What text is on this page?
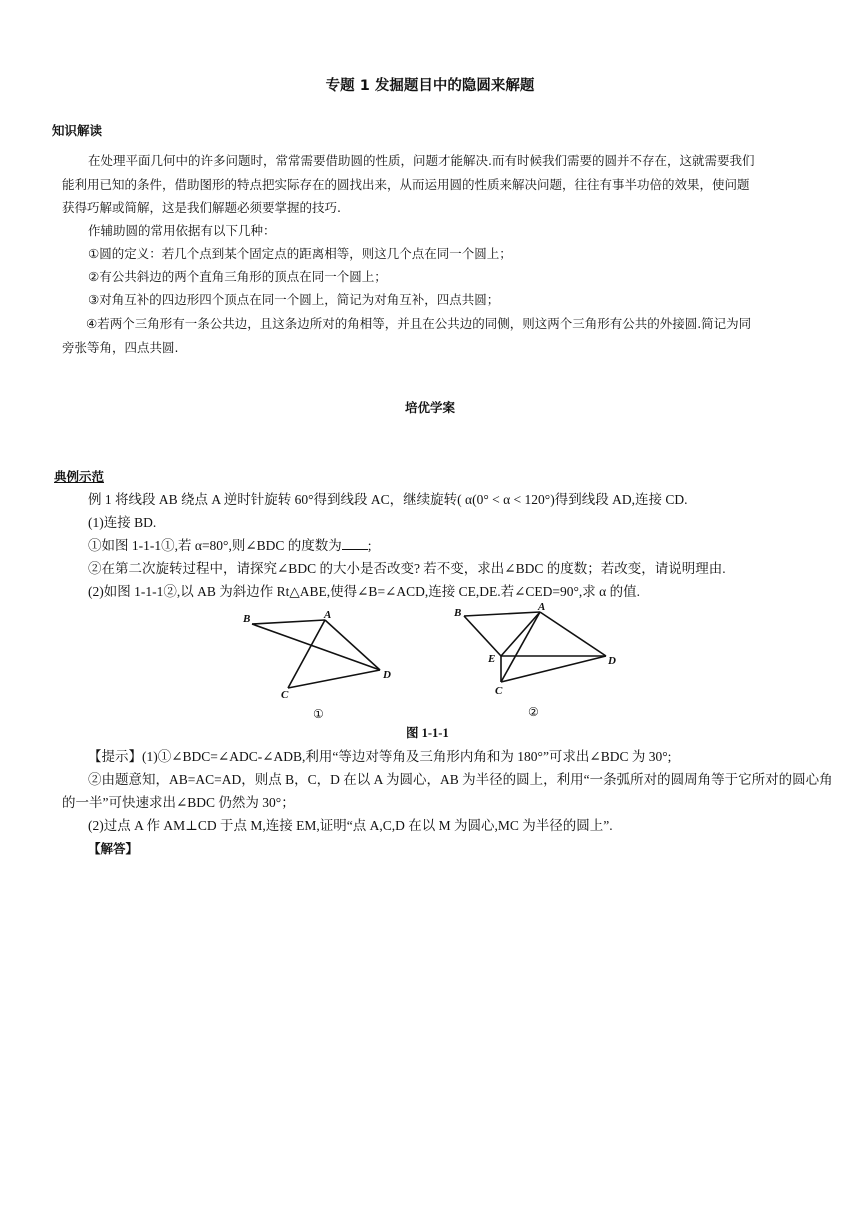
专题 1 发掘题目中的隐圆来解题
知识解读
在处理平面几何中的许多问题时，常常需要借助圆的性质，问题才能解决.而有时候我们需要的圆并不存在，这就需要我们
能利用已知的条件，借助图形的特点把实际存在的圆找出来，从而运用圆的性质来解决问题，往往有事半功倍的效果，使问题
获得巧解或简解，这是我们解题必须要掌握的技巧.
作辅助圆的常用依据有以下几种：
①圆的定义：若几个点到某个固定点的距离相等，则这几个点在同一个圆上；
②有公共斜边的两个直角三角形的顶点在同一个圆上；
③对角互补的四边形四个顶点在同一个圆上，简记为对角互补，四点共圆；
④若两个三角形有一条公共边，且这条边所对的角相等，并且在公共边的同侧，则这两个三角形有公共的外接圆.简记为同
旁张等角，四点共圆.
培优学案
典例示范
例 1 将线段 AB 绕点 A 逆时针旋转 60°得到线段 AC，继续旋转( α(0° < α < 120°)得到线段 AD,连接 CD.
(1)连接 BD.
①如图 1-1-1①,若 α=80°,则∠BDC 的度数为 ;
②在第二次旋转过程中，请探究∠BDC 的大小是否改变? 若不变，求出∠BDC 的度数；若改变，请说明理由.
(2)如图 1-1-1②,以 AB 为斜边作 Rt△ABE,使得∠B=∠ACD,连接 CE,DE.若∠CED=90°,求 α 的值.
B	A
C
D
①
B	A
E
C
D
②
图 1-1-1
【提示】(1)①∠BDC=∠ADC-∠ADB,利用“等边对等角及三角形内角和为 180°”可求出∠BDC 为 30°;
②由题意知，AB=AC=AD，则点 B，C，D 在以 A 为圆心，AB 为半径的圆上，利用“一条弧所对的圆周角等于它所对的圆心角
的一半”可快速求出∠BDC 仍然为 30°；
(2)过点 A 作 AM⊥CD 于点 M,连接 EM,证明“点 A,C,D 在以 M 为圆心,MC 为半径的圆上”.
【解答】
